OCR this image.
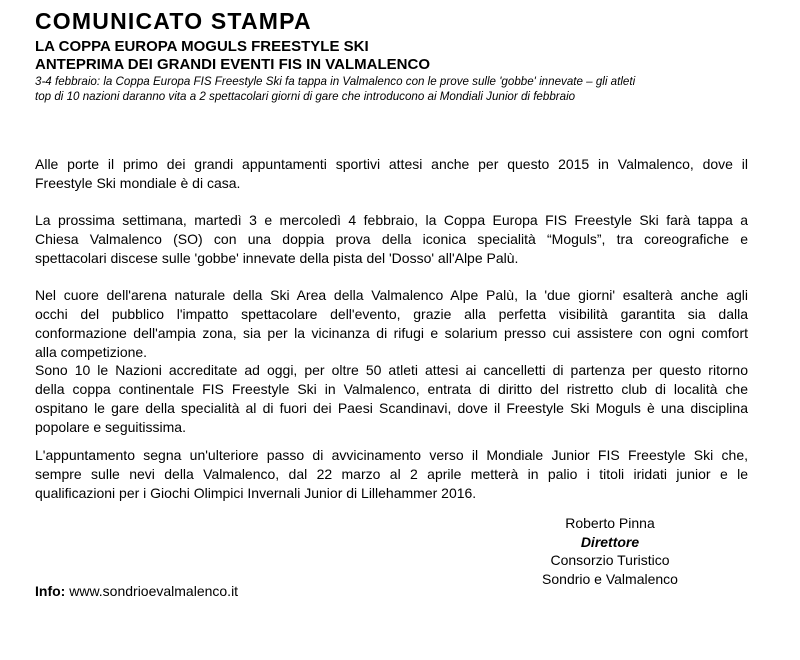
COMUNICATO STAMPA
LA COPPA EUROPA MOGULS FREESTYLE SKI
ANTEPRIMA DEI GRANDI EVENTI FIS IN VALMALENCO
3-4 febbraio: la Coppa Europa FIS Freestyle Ski fa tappa in Valmalenco con le prove sulle 'gobbe' innevate – gli atleti
top di 10 nazioni daranno vita a 2 spettacolari giorni di gare che introducono ai Mondiali Junior di febbraio
Alle porte il primo dei grandi appuntamenti sportivi attesi anche per questo 2015 in Valmalenco, dove il
Freestyle Ski mondiale è di casa.
La prossima settimana, martedì 3 e mercoledì 4 febbraio, la Coppa Europa FIS Freestyle Ski farà tappa a
Chiesa Valmalenco (SO) con una doppia prova della iconica specialità “Moguls”, tra coreografiche e
spettacolari discese sulle 'gobbe' innevate della pista del 'Dosso' all'Alpe Palù.
Nel cuore dell'arena naturale della Ski Area della Valmalenco Alpe Palù, la 'due giorni' esalterà anche agli
occhi del pubblico l'impatto spettacolare dell'evento, grazie alla perfetta visibilità garantita sia dalla
conformazione dell'ampia zona, sia per la vicinanza di rifugi e solarium presso cui assistere con ogni comfort
alla competizione.
Sono 10 le Nazioni accreditate ad oggi, per oltre 50 atleti attesi ai cancelletti di partenza per questo ritorno
della coppa continentale FIS Freestyle Ski in Valmalenco, entrata di diritto del ristretto club di località che
ospitano le gare della specialità al di fuori dei Paesi Scandinavi, dove il Freestyle Ski Moguls è una disciplina
popolare e seguitissima.
L'appuntamento segna un'ulteriore passo di avvicinamento verso il Mondiale Junior FIS Freestyle Ski che,
sempre sulle nevi della Valmalenco, dal 22 marzo al 2 aprile metterà in palio i titoli iridati junior e le
qualificazioni per i Giochi Olimpici Invernali Junior di Lillehammer 2016.
Roberto Pinna
Direttore
Consorzio Turistico
Sondrio e Valmalenco
Info: www.sondrioevalmalenco.it
